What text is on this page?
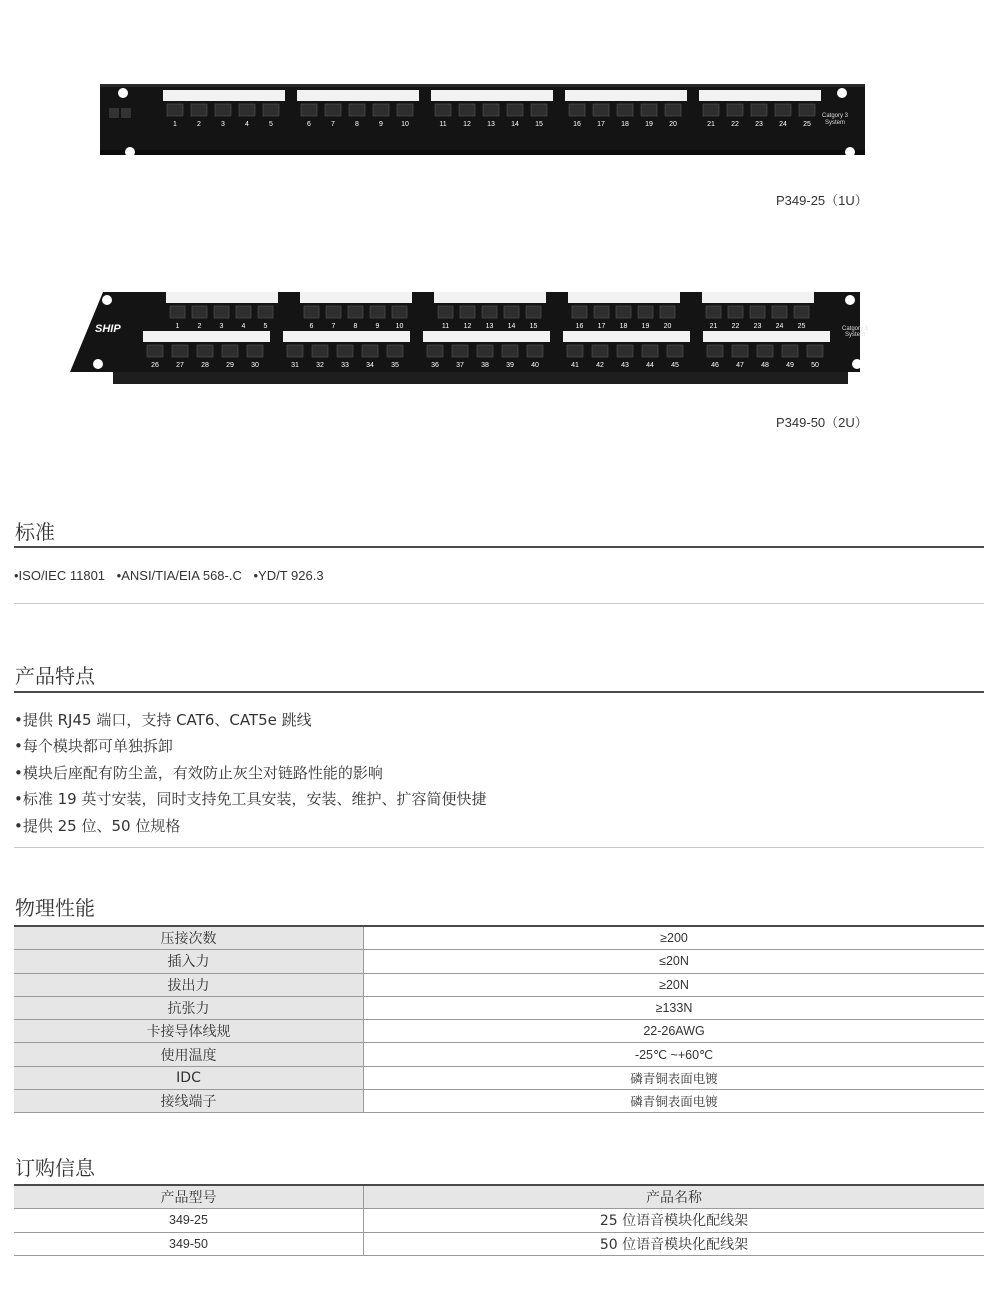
1	2	3	4	5	6	7	8	9	10	11 12 13 14 15	16 17 18 19 20	21 22 23 24 25
Catgory 3
System
P349-25（1U）
1	2	3	4	5	6	7	8	9 10	11 12 13 14 15	16 17 18 19 20	21 22 23 24 25
26 27 28 29 30	31 32 33 34 35	36 37 38 39 40	41 42 43 44 45	46 47 48 49 50
SHIP	Catgory 3
System
P349-50（2U）
标准
•ISO/IEC 11801 •ANSI/TIA/EIA 568-.C •YD/T 926.3
产品特点
•提供 RJ45 端口，支持 CAT6、CAT5e 跳线
•每个模块都可单独拆卸
•模块后座配有防尘盖，有效防止灰尘对链路性能的影响
•标准 19 英寸安装，同时支持免工具安装，安装、维护、扩容简便快捷
•提供 25 位、50 位规格
物理性能
压接次数	≥200
插入力	≤20N
拔出力	≥20N
抗张力	≥133N
卡接导体线规	22-26AWG
使用温度	-25℃ ~+60℃
IDC	磷青铜表面电镀
接线端子	磷青铜表面电镀
订购信息
产品型号	产品名称
349-25	25 位语音模块化配线架
349-50	50 位语音模块化配线架
